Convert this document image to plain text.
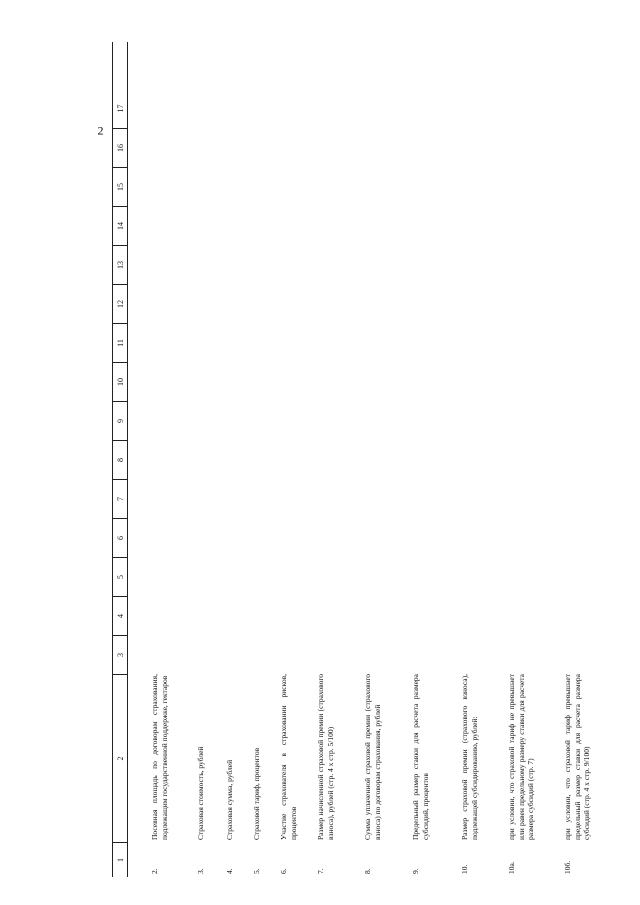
2
1
2
3
4
5
6
7
8
9
10
11
12
13
14
15
16
17
2.
Посевная площадь по договорам страхования, подлежащим государственной поддержке, гектаров
3.
Страховая стоимость, рублей
4.
Страховая сумма, рублей
5.
Страховой тариф, процентов
6.
Участие страхователя в страховании рисков, процентов
7.
Размер начисленной страховой премии (страхового взноса), рублей (стр. 4 х стр. 5/100)
8.
Сумма уплаченной страховой премии (страхового взноса) по договорам страхования, рублей
9.
Предельный размер ставки для расчета размера субсидий, процентов
10.
Размер страховой премии (страхового взноса), подлежащей субсидированию, рублей:
10а.
при условии, что страховой тариф не превышает или равен предельному размеру ставки для расчета размера субсидий (стр. 7)
10б.
при условии, что страховой тариф превышает предельный размер ставки для расчета размера субсидий (стр. 4 х стр. 9/100)
